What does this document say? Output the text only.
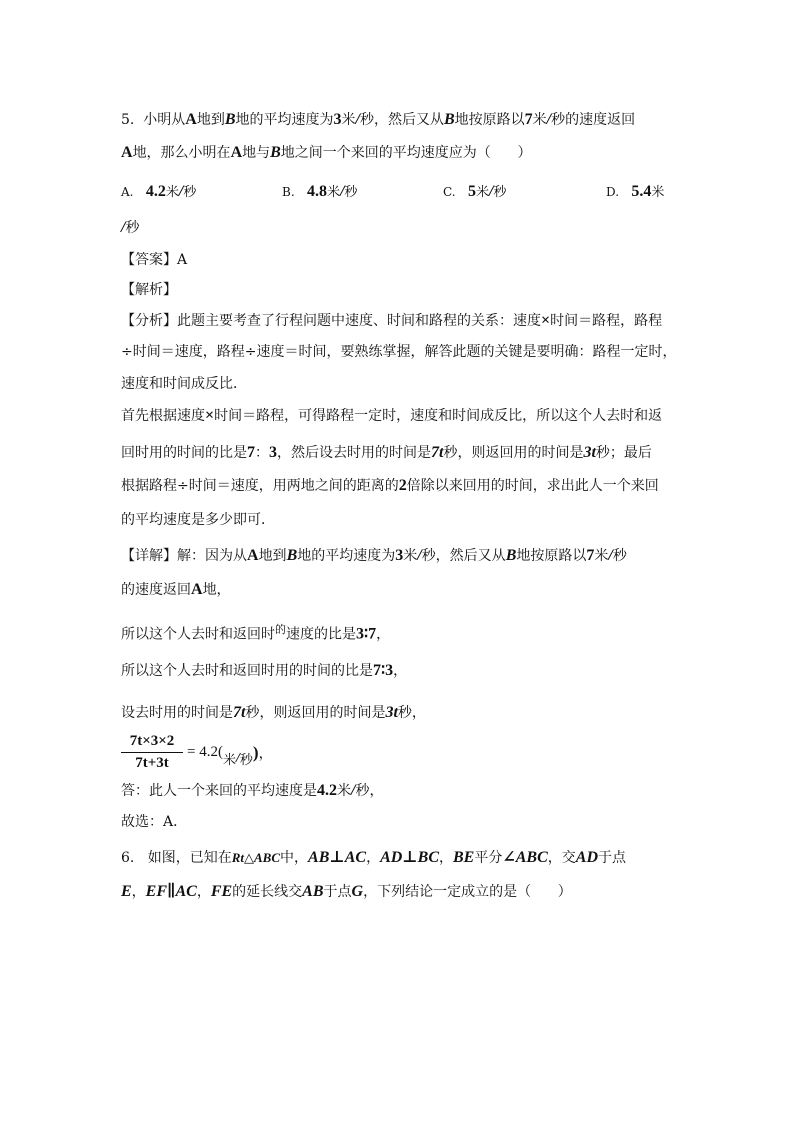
5.  小明从A地到B地的平均速度为3米/秒，然后又从B地按原路以7米/秒的速度返回
A地，那么小明在A地与B地之间一个来回的平均速度应为（      ）
A. 4.2米/秒	B. 4.8米/秒	C. 5米/秒	D. 5.4米
/秒
【答案】A
【解析】
【分析】此题主要考查了行程问题中速度、时间和路程的关系：速度×时间＝路程，路程
÷时间＝速度，路程÷速度＝时间，要熟练掌握，解答此题的关键是要明确：路程一定时，
速度和时间成反比．
首先根据速度×时间＝路程，可得路程一定时，速度和时间成反比，所以这个人去时和返
回时用的时间的比是7：3，然后设去时用的时间是7t秒，则返回用的时间是3t秒；最后
根据路程÷时间＝速度，用两地之间的距离的2倍除以来回用的时间，求出此人一个来回
的平均速度是多少即可．
【详解】解：因为从A地到B地的平均速度为3米/秒，然后又从B地按原路以7米/秒
的速度返回A地，
所以这个人去时和返回时$^的$速度的比是3∶7，
所以这个人去时和返回时用的时间的比是7∶3，
设去时用的时间是7t秒，则返回用的时间是3t秒，
$\frac{7t\times 3\times 2}{7t+3t} = 4.2$(
米 / 秒 ) ，
答：此人一个来回的平均速度是4.2米/秒，
故选：A．
6.   如图，已知在Rt△ABC中，AB⊥AC，AD⊥BC，BE平分∠ABC，交AD于点
E，EF∥AC，FE的延长线交AB于点G，下列结论一定成立的是（      ）
